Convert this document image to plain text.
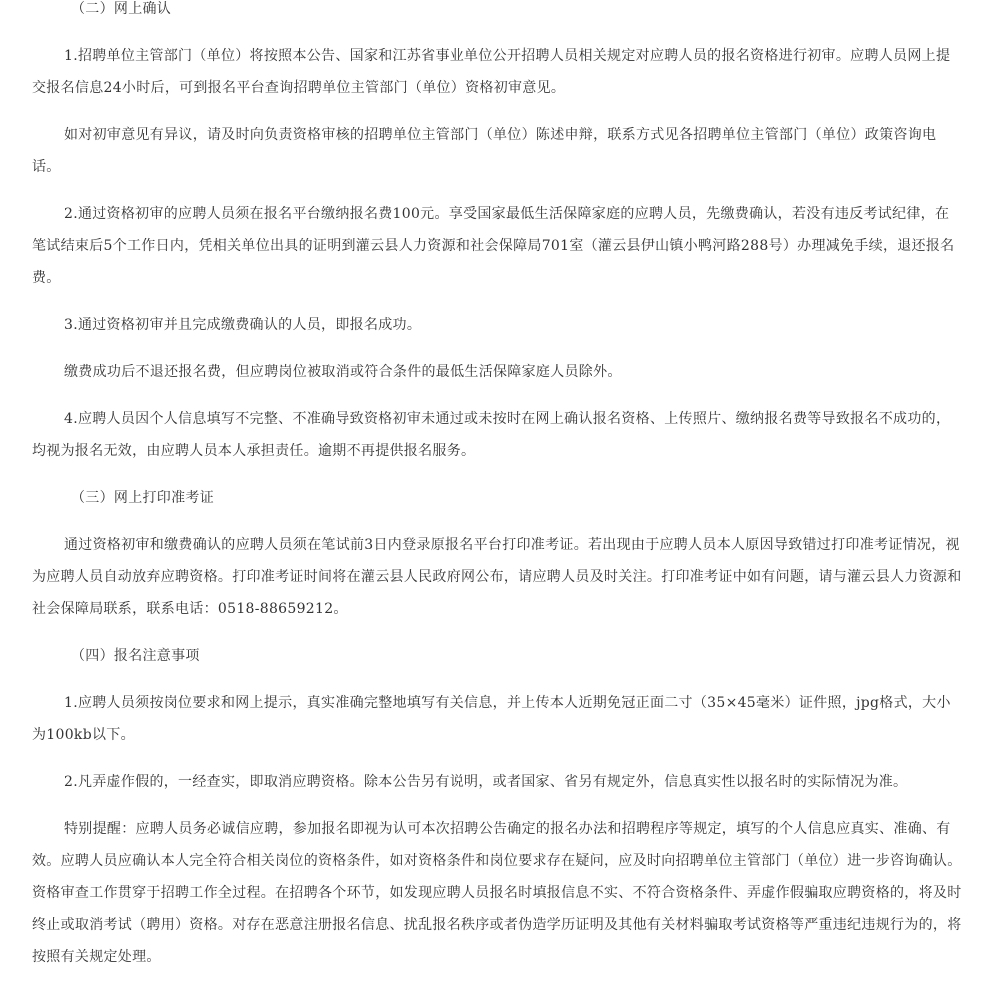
（二）网上确认

1.招聘单位主管部门（单位）将按照本公告、国家和江苏省事业单位公开招聘人员相关规定对应聘人员的报名资格进行初审。应聘人员网上提交报名信息24小时后，可到报名平台查询招聘单位主管部门（单位）资格初审意见。

如对初审意见有异议，请及时向负责资格审核的招聘单位主管部门（单位）陈述申辩，联系方式见各招聘单位主管部门（单位）政策咨询电话。

2.通过资格初审的应聘人员须在报名平台缴纳报名费100元。享受国家最低生活保障家庭的应聘人员，先缴费确认，若没有违反考试纪律，在笔试结束后5个工作日内，凭相关单位出具的证明到灌云县人力资源和社会保障局701室（灌云县伊山镇小鸭河路288号）办理减免手续，退还报名费。

3.通过资格初审并且完成缴费确认的人员，即报名成功。

缴费成功后不退还报名费，但应聘岗位被取消或符合条件的最低生活保障家庭人员除外。

4.应聘人员因个人信息填写不完整、不准确导致资格初审未通过或未按时在网上确认报名资格、上传照片、缴纳报名费等导致报名不成功的，均视为报名无效，由应聘人员本人承担责任。逾期不再提供报名服务。

（三）网上打印准考证

通过资格初审和缴费确认的应聘人员须在笔试前3日内登录原报名平台打印准考证。若出现由于应聘人员本人原因导致错过打印准考证情况，视为应聘人员自动放弃应聘资格。打印准考证时间将在灌云县人民政府网公布，请应聘人员及时关注。打印准考证中如有问题，请与灌云县人力资源和社会保障局联系，联系电话：0518-88659212。

（四）报名注意事项

1.应聘人员须按岗位要求和网上提示，真实准确完整地填写有关信息，并上传本人近期免冠正面二寸（35×45毫米）证件照，jpg格式，大小为100kb以下。

2.凡弄虚作假的，一经查实，即取消应聘资格。除本公告另有说明，或者国家、省另有规定外，信息真实性以报名时的实际情况为准。

特别提醒：应聘人员务必诚信应聘，参加报名即视为认可本次招聘公告确定的报名办法和招聘程序等规定，填写的个人信息应真实、准确、有效。应聘人员应确认本人完全符合相关岗位的资格条件，如对资格条件和岗位要求存在疑问，应及时向招聘单位主管部门（单位）进一步咨询确认。资格审查工作贯穿于招聘工作全过程。在招聘各个环节，如发现应聘人员报名时填报信息不实、不符合资格条件、弄虚作假骗取应聘资格的，将及时终止或取消考试（聘用）资格。对存在恶意注册报名信息、扰乱报名秩序或者伪造学历证明及其他有关材料骗取考试资格等严重违纪违规行为的，将按照有关规定处理。
